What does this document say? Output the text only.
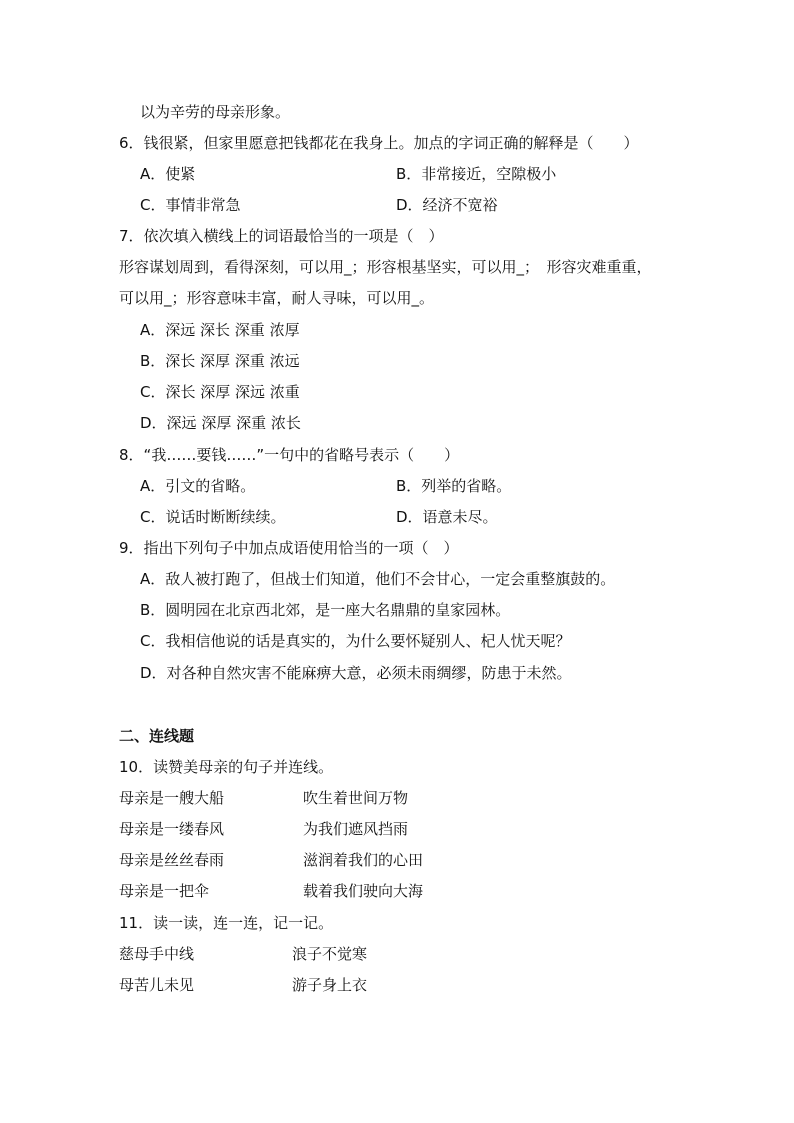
以为辛劳的母亲形象。
6．钱很紧，但家里愿意把钱都花在我身上。加点的字词正确的解释是（　　）
A．使紧	B．非常接近，空隙极小
C．事情非常急	D．经济不宽裕
7．依次填入横线上的词语最恰当的一项是（　）
形容谋划周到，看得深刻，可以用_；形容根基坚实，可以用_；　形容灾难重重，
可以用_；形容意味丰富，耐人寻味，可以用_。
A．深远 深长 深重 浓厚
B．深长 深厚 深重 浓远
C．深长 深厚 深远 浓重
D．深远 深厚 深重 浓长
8．“我……要钱……”一句中的省略号表示（　　）
A．引文的省略。	B．列举的省略。
C．说话时断断续续。	D．语意未尽。
9．指出下列句子中加点成语使用恰当的一项（　）
A．敌人被打跑了，但战士们知道，他们不会甘心，一定会重整旗鼓的。
B．圆明园在北京西北郊，是一座大名鼎鼎的皇家园林。
C．我相信他说的话是真实的，为什么要怀疑别人、杞人忧天呢？
D．对各种自然灾害不能麻痹大意，必须未雨绸缪，防患于未然。
二、连线题
10．读赞美母亲的句子并连线。
母亲是一艘大船	吹生着世间万物
母亲是一缕春风	为我们遮风挡雨
母亲是丝丝春雨	滋润着我们的心田
母亲是一把伞	载着我们驶向大海
11．读一读，连一连，记一记。
慈母手中线	浪子不觉寒
母苦儿未见	游子身上衣
